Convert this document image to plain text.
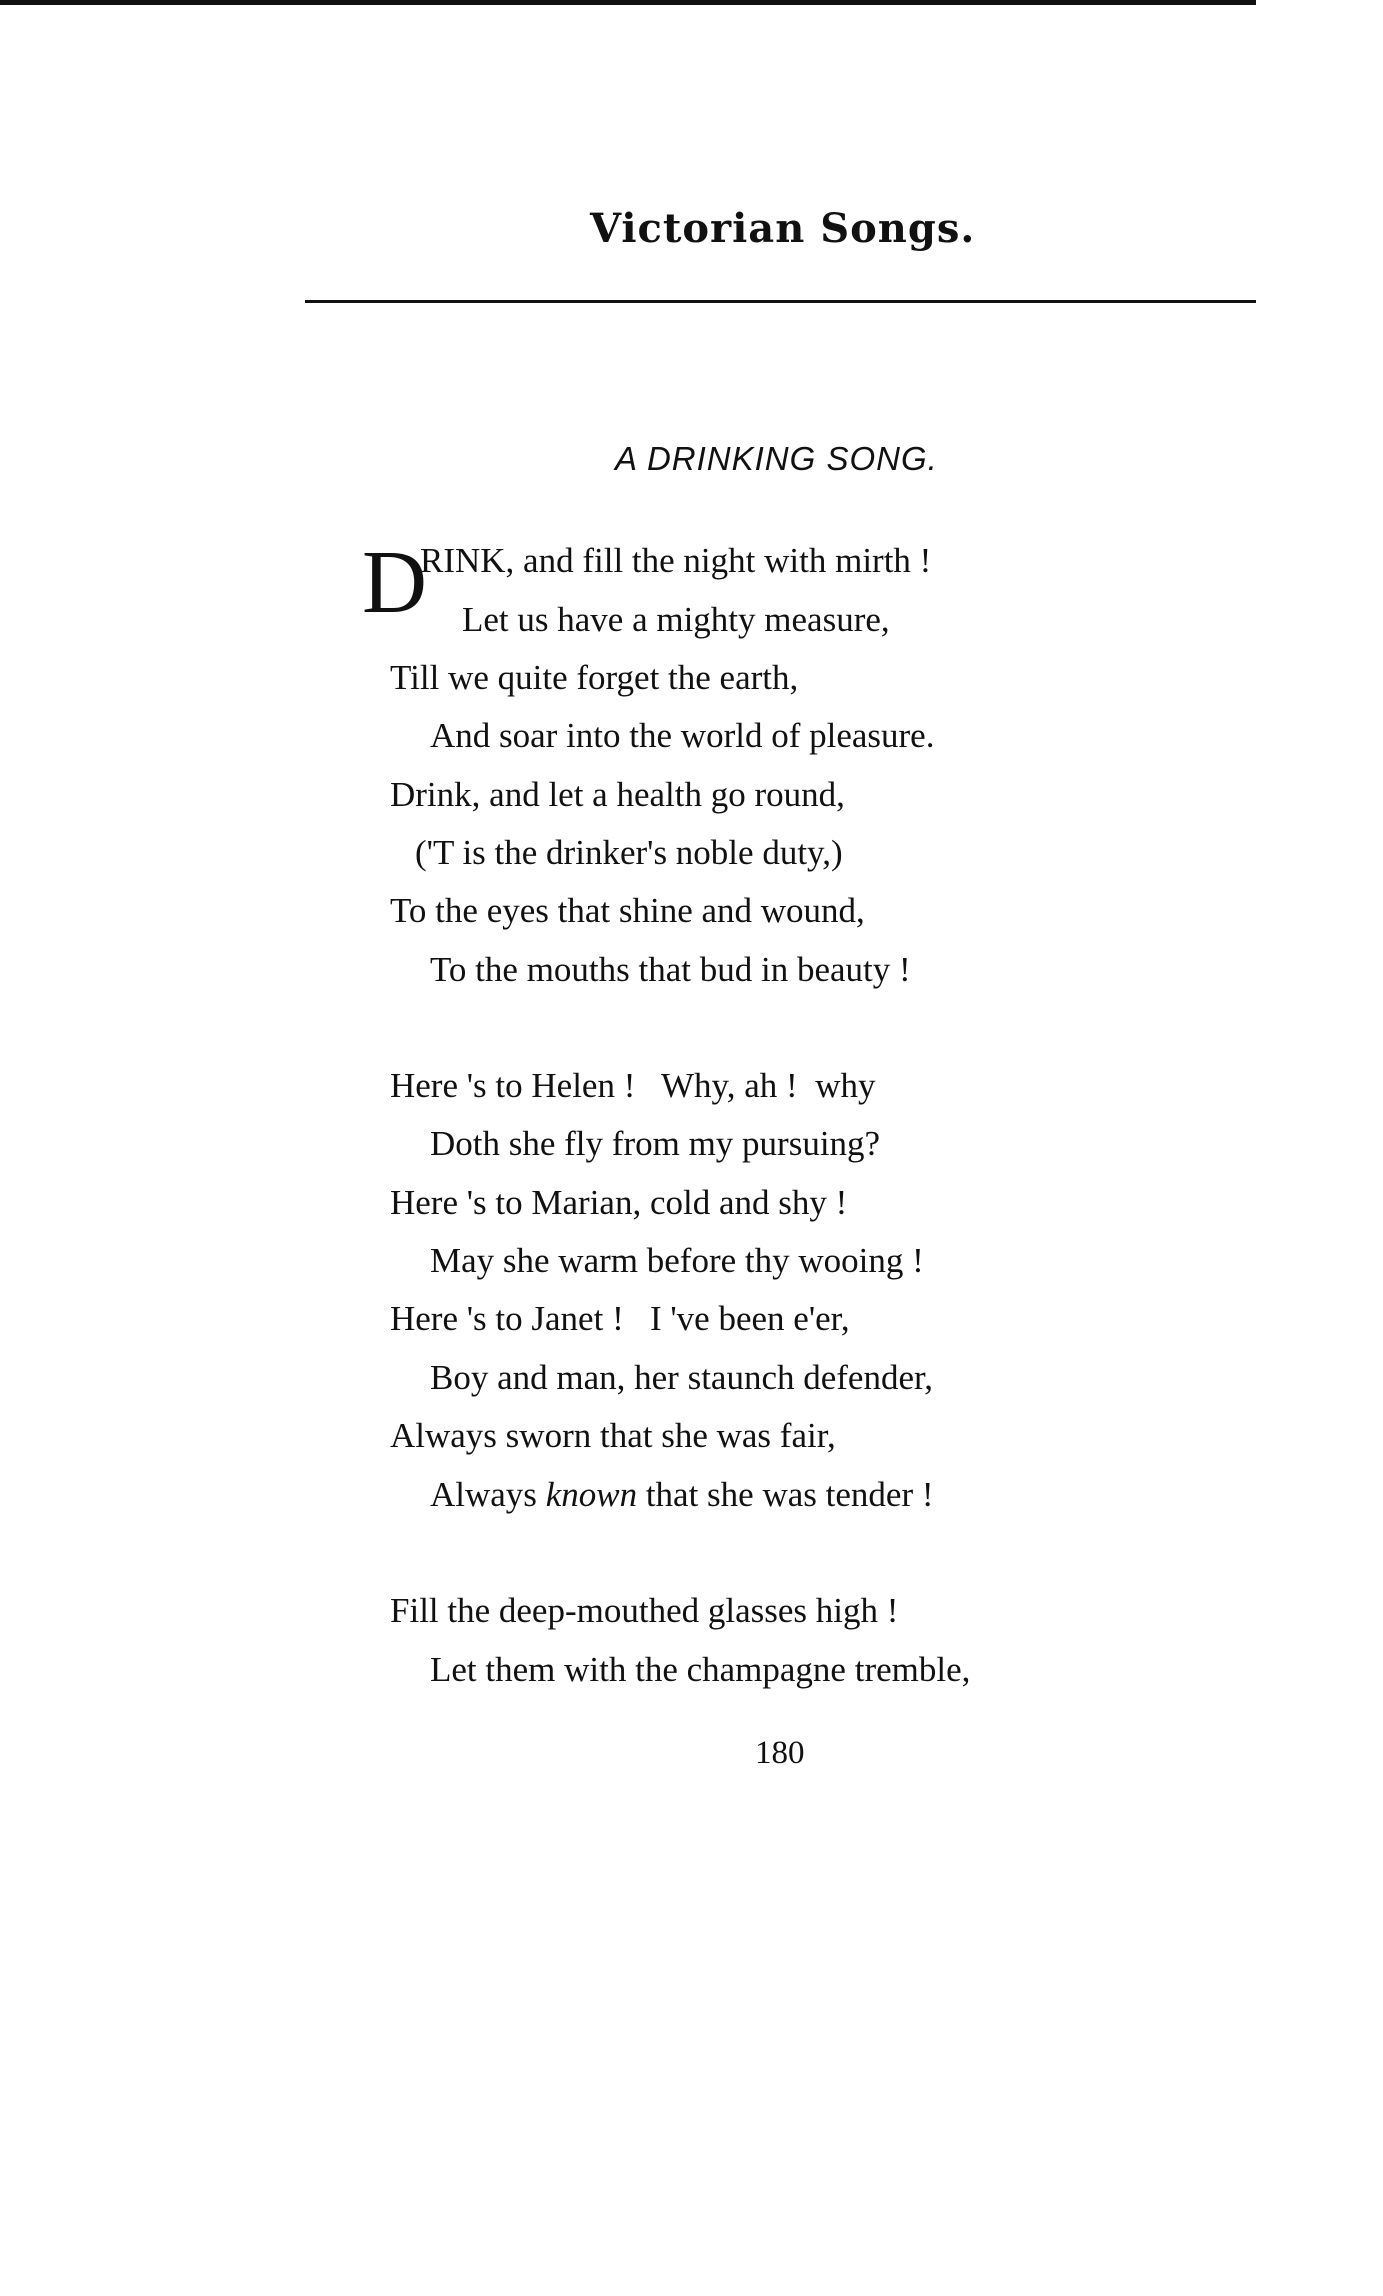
Victorian Songs.
A DRINKING SONG.
D
RINK, and fill the night with mirth !
Let us have a mighty measure,
Till we quite forget the earth,
And soar into the world of pleasure.
Drink, and let a health go round,
('T is the drinker's noble duty,)
To the eyes that shine and wound,
To the mouths that bud in beauty !
Here 's to Helen !   Why, ah !  why
Doth she fly from my pursuing?
Here 's to Marian, cold and shy !
May she warm before thy wooing !
Here 's to Janet !   I 've been e'er,
Boy and man, her staunch defender,
Always sworn that she was fair,
Always known that she was tender !
Fill the deep-mouthed glasses high !
Let them with the champagne tremble,
180
